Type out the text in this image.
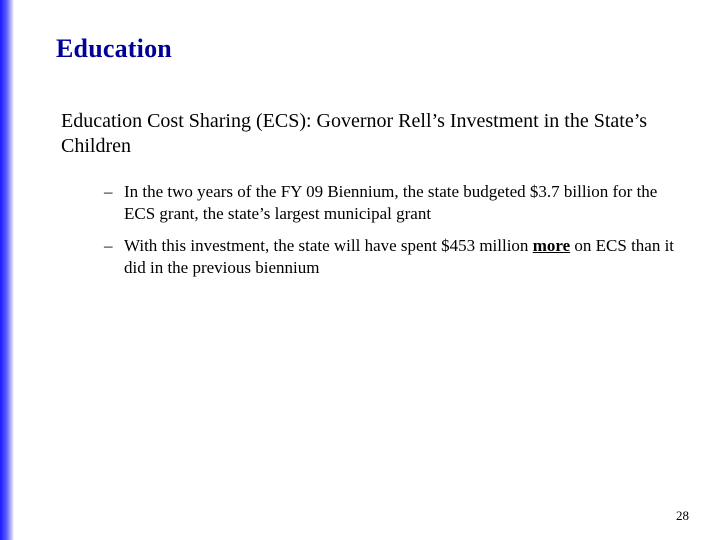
Education
Education Cost Sharing (ECS): Governor Rell’s Investment in the State’s Children
– In the two years of the FY 09 Biennium, the state budgeted $3.7 billion for the ECS grant, the state’s largest municipal grant
– With this investment, the state will have spent $453 million more on ECS than it did in the previous biennium
28
